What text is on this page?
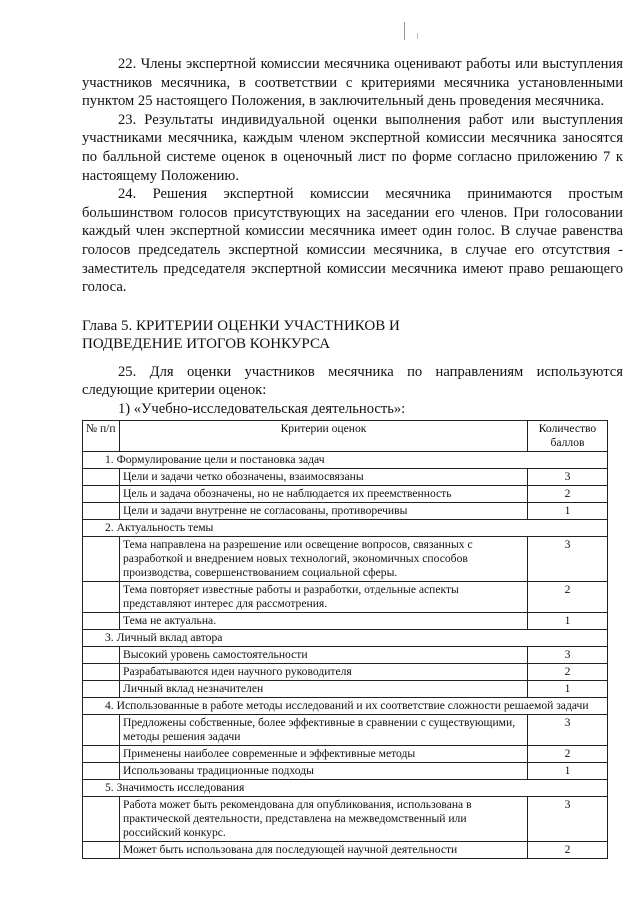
22. Члены экспертной комиссии месячника оценивают работы или выступления участников месячника, в соответствии с критериями месячника установленными пунктом 25 настоящего Положения, в заключительный день проведения месячника.

23. Результаты индивидуальной оценки выполнения работ или выступления участниками месячника, каждым членом экспертной комиссии месячника заносятся по балльной системе оценок в оценочный лист по форме согласно приложению 7 к настоящему Положению.

24. Решения экспертной комиссии месячника принимаются простым большинством голосов присутствующих на заседании его членов. При голосовании каждый член экспертной комиссии месячника имеет один голос. В случае равенства голосов председатель экспертной комиссии месячника, в случае его отсутствия - заместитель председателя экспертной комиссии месячника имеют право решающего голоса.

Глава 5. КРИТЕРИИ ОЦЕНКИ УЧАСТНИКОВ И
ПОДВЕДЕНИЕ ИТОГОВ КОНКУРСА

25. Для оценки участников месячника по направлениям используются следующие критерии оценок:

1) «Учебно-исследовательская деятельность»:

№ п/п	Критерии оценок	Количество баллов
1. Формулирование цели и постановка задач		
	Цели и задачи четко обозначены, взаимосвязаны	3
	Цель и задача обозначены, но не наблюдается их преемственность	2
	Цели и задачи внутренне не согласованы, противоречивы	1
2. Актуальность темы		
	Тема направлена на разрешение или освещение вопросов, связанных с разработкой и внедрением новых технологий, экономичных способов производства, совершенствованием социальной сферы.	3
	Тема повторяет известные работы и разработки, отдельные аспекты представляют интерес для рассмотрения.	2
	Тема не актуальна.	1
3. Личный вклад автора		
	Высокий уровень самостоятельности	3
	Разрабатываются идеи научного руководителя	2
	Личный вклад незначителен	1
4. Использованные в работе методы исследований и их соответствие сложности решаемой задачи		
	Предложены собственные, более эффективные в сравнении с существующими, методы решения задачи	3
	Применены наиболее современные и эффективные методы	2
	Использованы традиционные подходы	1
5. Значимость исследования		
	Работа может быть рекомендована для опубликования, использована в практической деятельности, представлена на межведомственный или российский конкурс.	3
	Может быть использована для последующей научной деятельности	2
